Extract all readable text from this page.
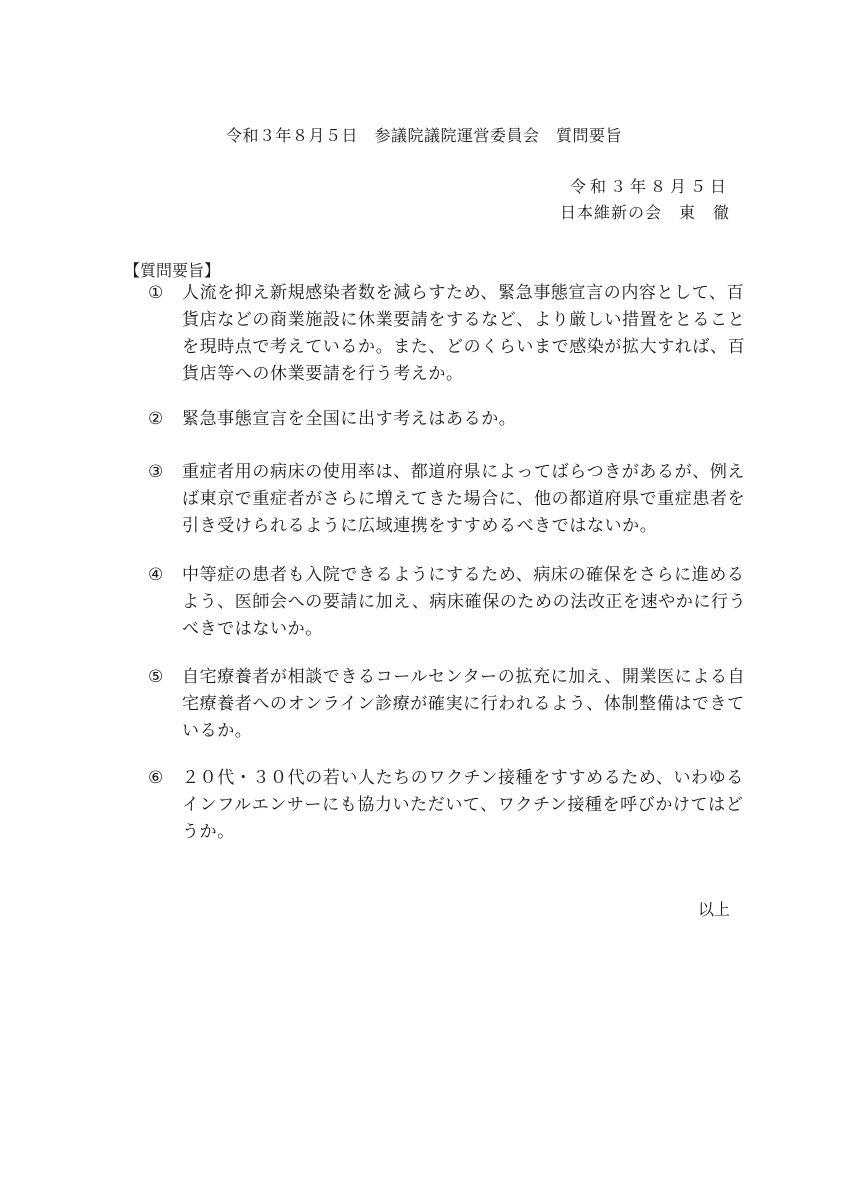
令和３年８月５日　参議院議院運営委員会　質問要旨
令和３年８月５日
日本維新の会　東　徹
【質問要旨】
①	人流を抑え新規感染者数を減らすため、緊急事態宣言の内容として、百
貨店などの商業施設に休業要請をするなど、より厳しい措置をとること
を現時点で考えているか。また、どのくらいまで感染が拡大すれば、百
貨店等への休業要請を行う考えか。
②	緊急事態宣言を全国に出す考えはあるか。
③	重症者用の病床の使用率は、都道府県によってばらつきがあるが、例え
ば東京で重症者がさらに増えてきた場合に、他の都道府県で重症患者を
引き受けられるように広域連携をすすめるべきではないか。
④	中等症の患者も入院できるようにするため、病床の確保をさらに進める
よう、医師会への要請に加え、病床確保のための法改正を速やかに行う
べきではないか。
⑤	自宅療養者が相談できるコールセンターの拡充に加え、開業医による自
宅療養者へのオンライン診療が確実に行われるよう、体制整備はできて
いるか。
⑥	２０代・３０代の若い人たちのワクチン接種をすすめるため、いわゆる
インフルエンサーにも協力いただいて、ワクチン接種を呼びかけてはど
うか。
以上
